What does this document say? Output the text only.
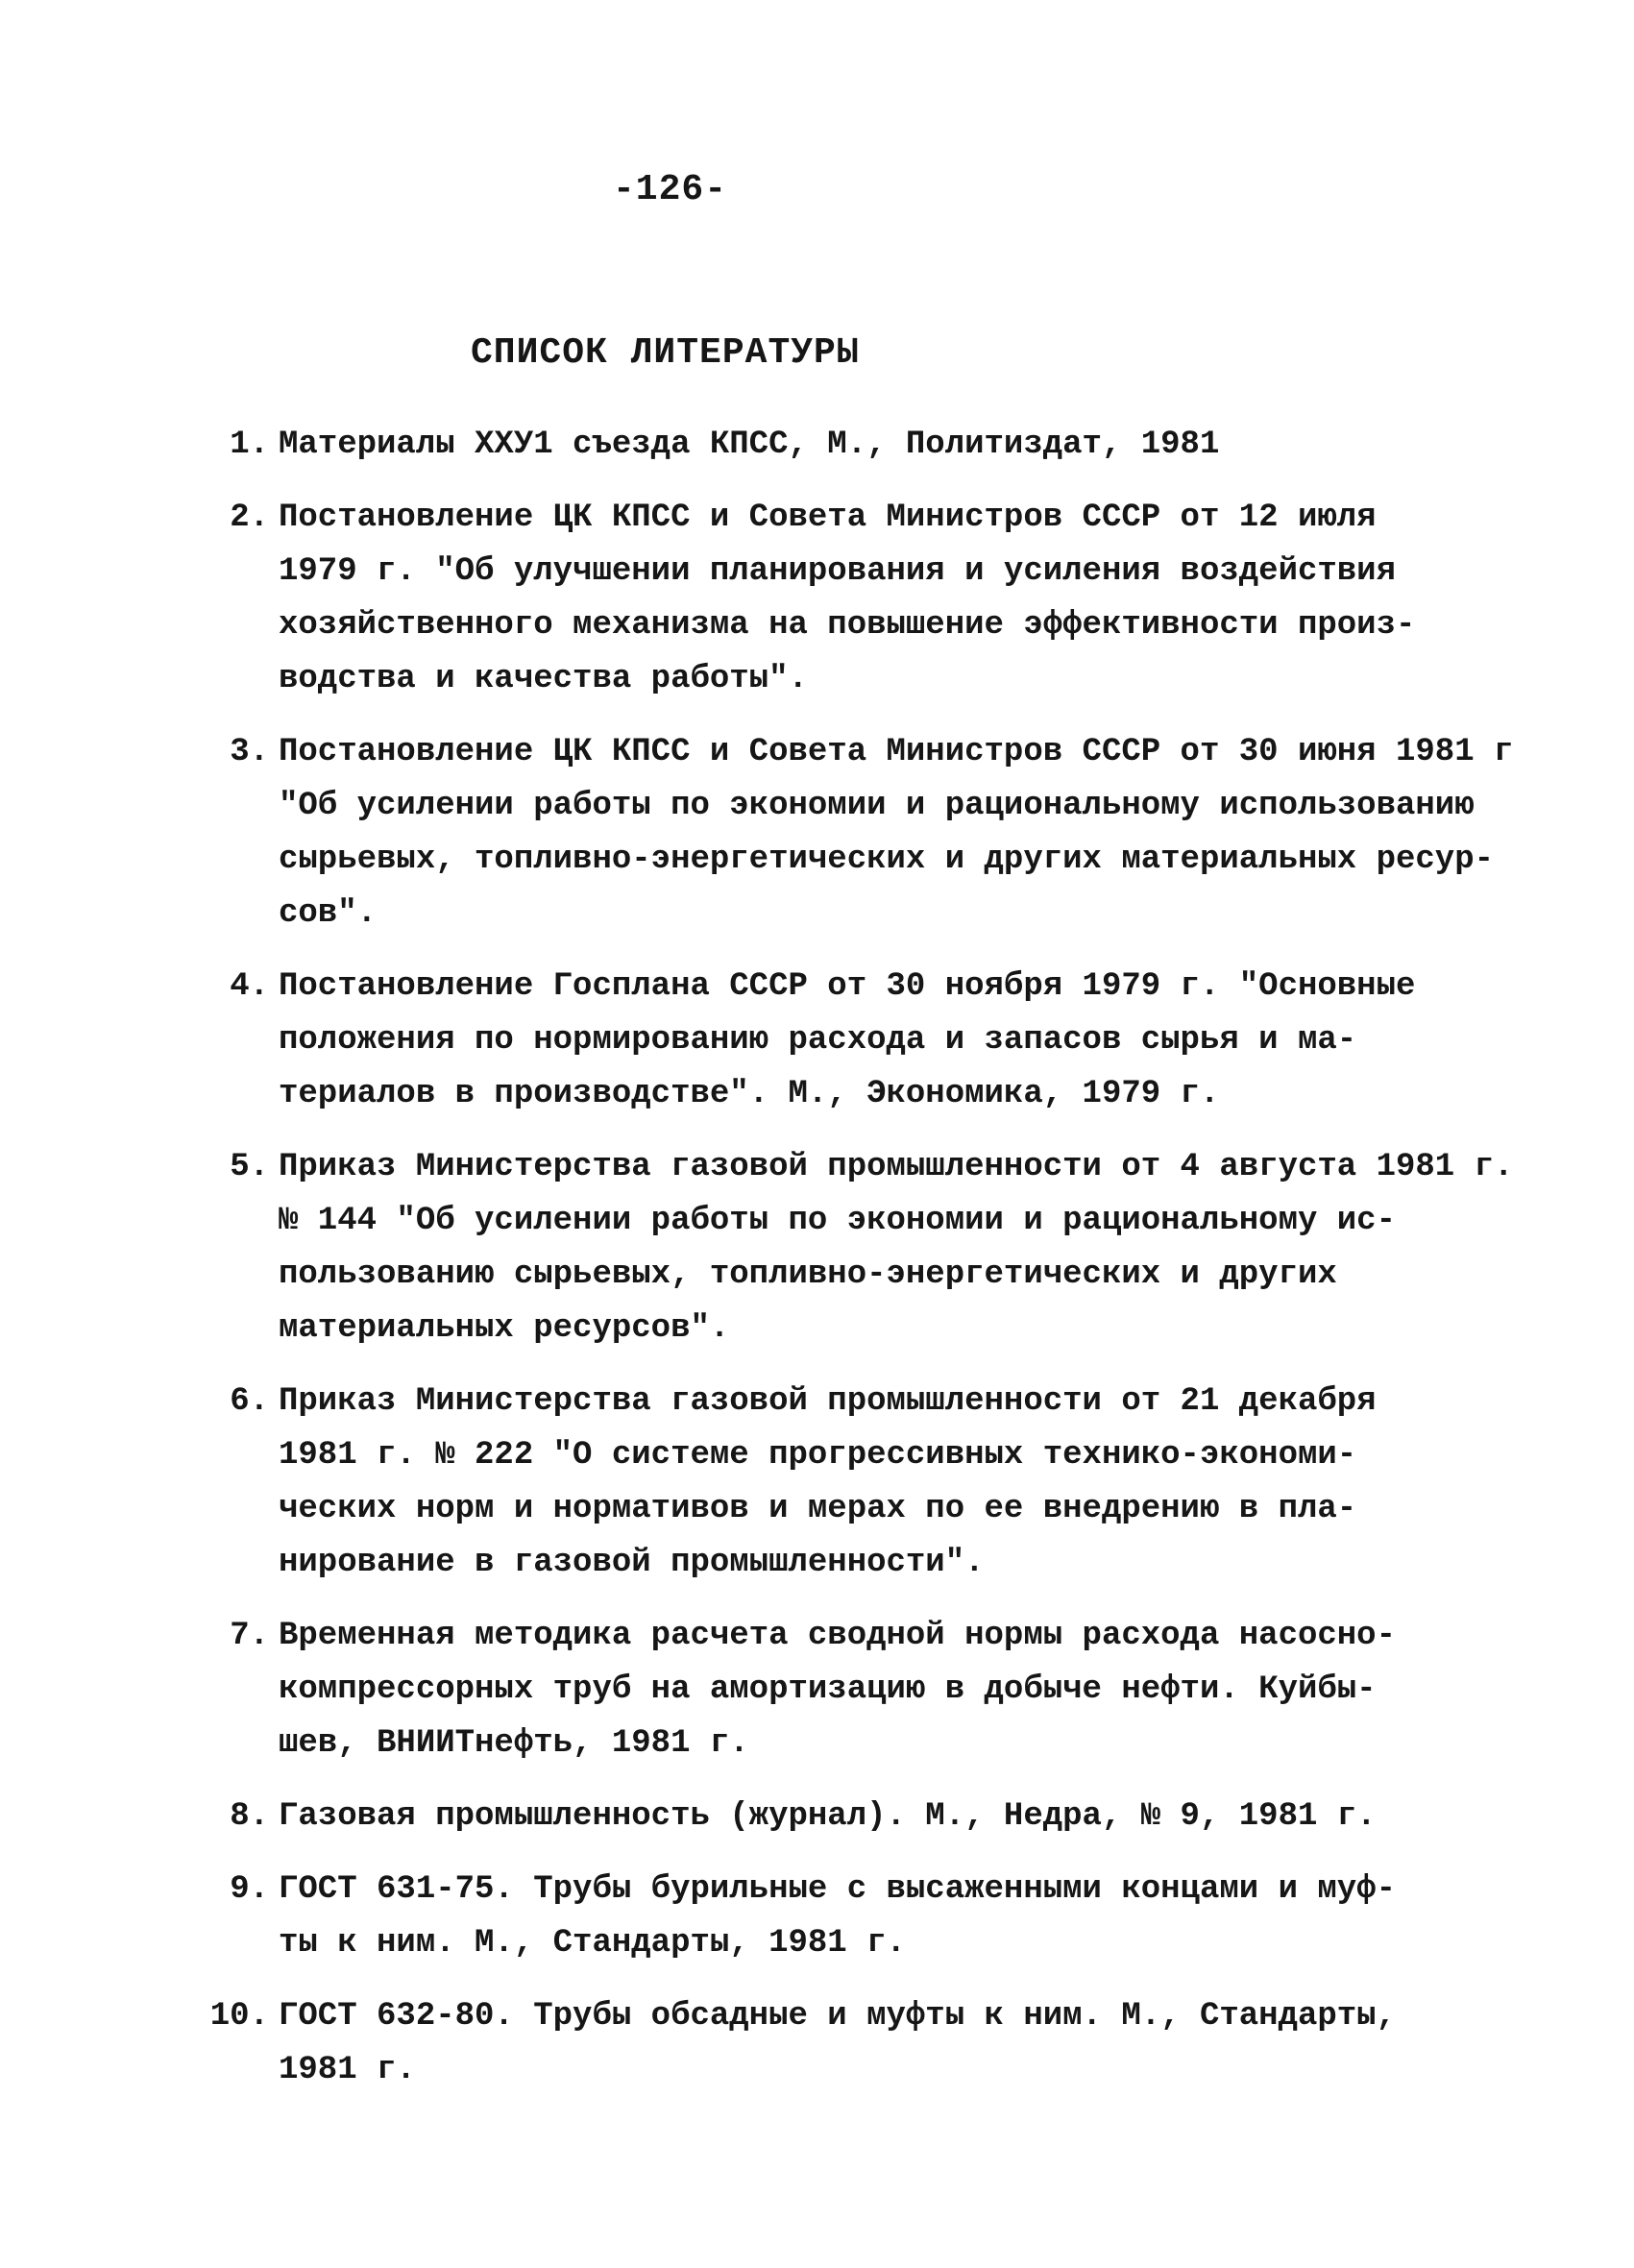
-126-
СПИСОК ЛИТЕРАТУРЫ
1. Материалы XXУ1 съезда КПСС, М., Политиздат, 1981
2. Постановление ЦК КПСС и Совета Министров СССР от 12 июля
1979 г. "Об улучшении планирования и усиления воздействия
хозяйственного механизма на повышение эффективности произ-
водства и качества работы".
3. Постановление ЦК КПСС и Совета Министров СССР от 30 июня 1981 г
"Об усилении работы по экономии и рациональному использованию
сырьевых, топливно-энергетических и других материальных ресур-
сов".
4. Постановление Госплана СССР от 30 ноября 1979 г. "Основные
положения по нормированию расхода и запасов сырья и ма-
териалов в производстве". М., Экономика, 1979 г.
5. Приказ Министерства газовой промышленности от 4 августа 1981 г.
№ 144 "Об усилении работы по экономии и рациональному ис-
пользованию сырьевых, топливно-энергетических и других
материальных ресурсов".
6. Приказ Министерства газовой промышленности от 21 декабря
1981 г. № 222 "О системе прогрессивных технико-экономи-
ческих норм и нормативов и мерах по ее внедрению в пла-
нирование в газовой промышленности".
7. Временная методика расчета сводной нормы расхода насосно-
компрессорных труб на амортизацию в добыче нефти. Куйбы-
шев, ВНИИТнефть, 1981 г.
8. Газовая промышленность (журнал). М., Недра, № 9, 1981 г.
9. ГОСТ 631-75. Трубы бурильные с высаженными концами и муф-
ты к ним. М., Стандарты, 1981 г.
10. ГОСТ 632-80. Трубы обсадные и муфты к ним. М., Стандарты,
1981 г.
